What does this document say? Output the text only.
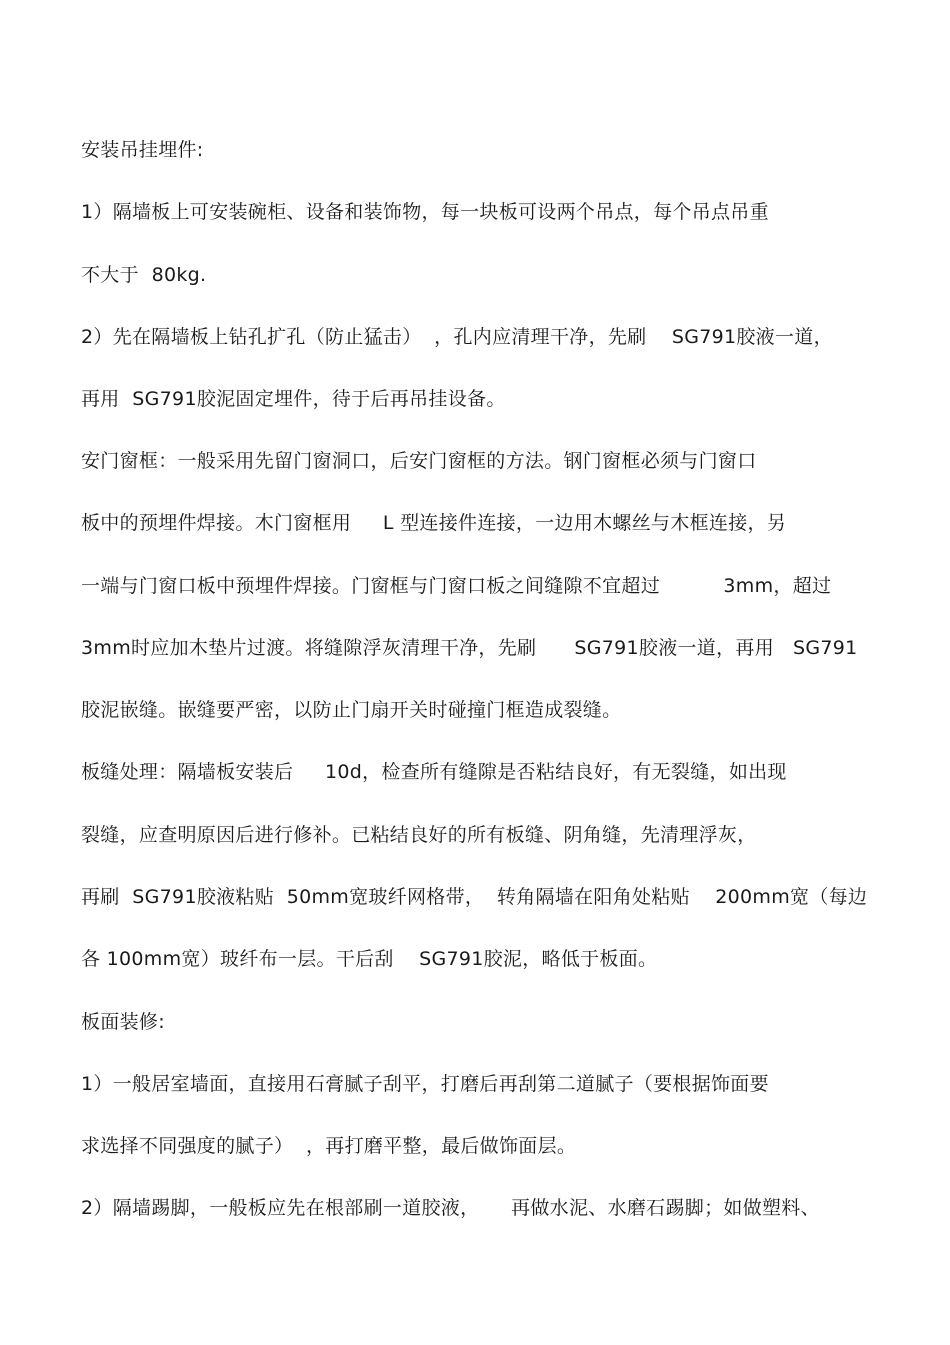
安装吊挂埋件:
1）隔墙板上可安装碗柜、设备和装饰物，每一块板可设两个吊点，每个吊点吊重
不大于  80kg.
2）先在隔墙板上钻孔扩孔（防止猛击）  ，孔内应清理干净，先刷    SG791胶液一道，
再用  SG791胶泥固定埋件，待于后再吊挂设备。
安门窗框：一般采用先留门窗洞口，后安门窗框的方法。钢门窗框必须与门窗口
板中的预埋件焊接。木门窗框用     L 型连接件连接，一边用木螺丝与木框连接，另
一端与门窗口板中预埋件焊接。门窗框与门窗口板之间缝隙不宜超过          3mm，超过
3mm时应加木垫片过渡。将缝隙浮灰清理干净，先刷      SG791胶液一道，再用   SG791
胶泥嵌缝。嵌缝要严密，以防止门扇开关时碰撞门框造成裂缝。
板缝处理：隔墙板安装后     10d，检查所有缝隙是否粘结良好，有无裂缝，如出现
裂缝，应查明原因后进行修补。已粘结良好的所有板缝、阴角缝，先清理浮灰，
再刷  SG791胶液粘贴  50mm宽玻纤网格带，  转角隔墙在阳角处粘贴    200mm宽（每边
各 100mm宽）玻纤布一层。干后刮    SG791胶泥，略低于板面。
板面装修:
1）一般居室墙面，直接用石膏腻子刮平，打磨后再刮第二道腻子（要根据饰面要
求选择不同强度的腻子）  ，再打磨平整，最后做饰面层。
2）隔墙踢脚，一般板应先在根部刷一道胶液，     再做水泥、水磨石踢脚；如做塑料、
